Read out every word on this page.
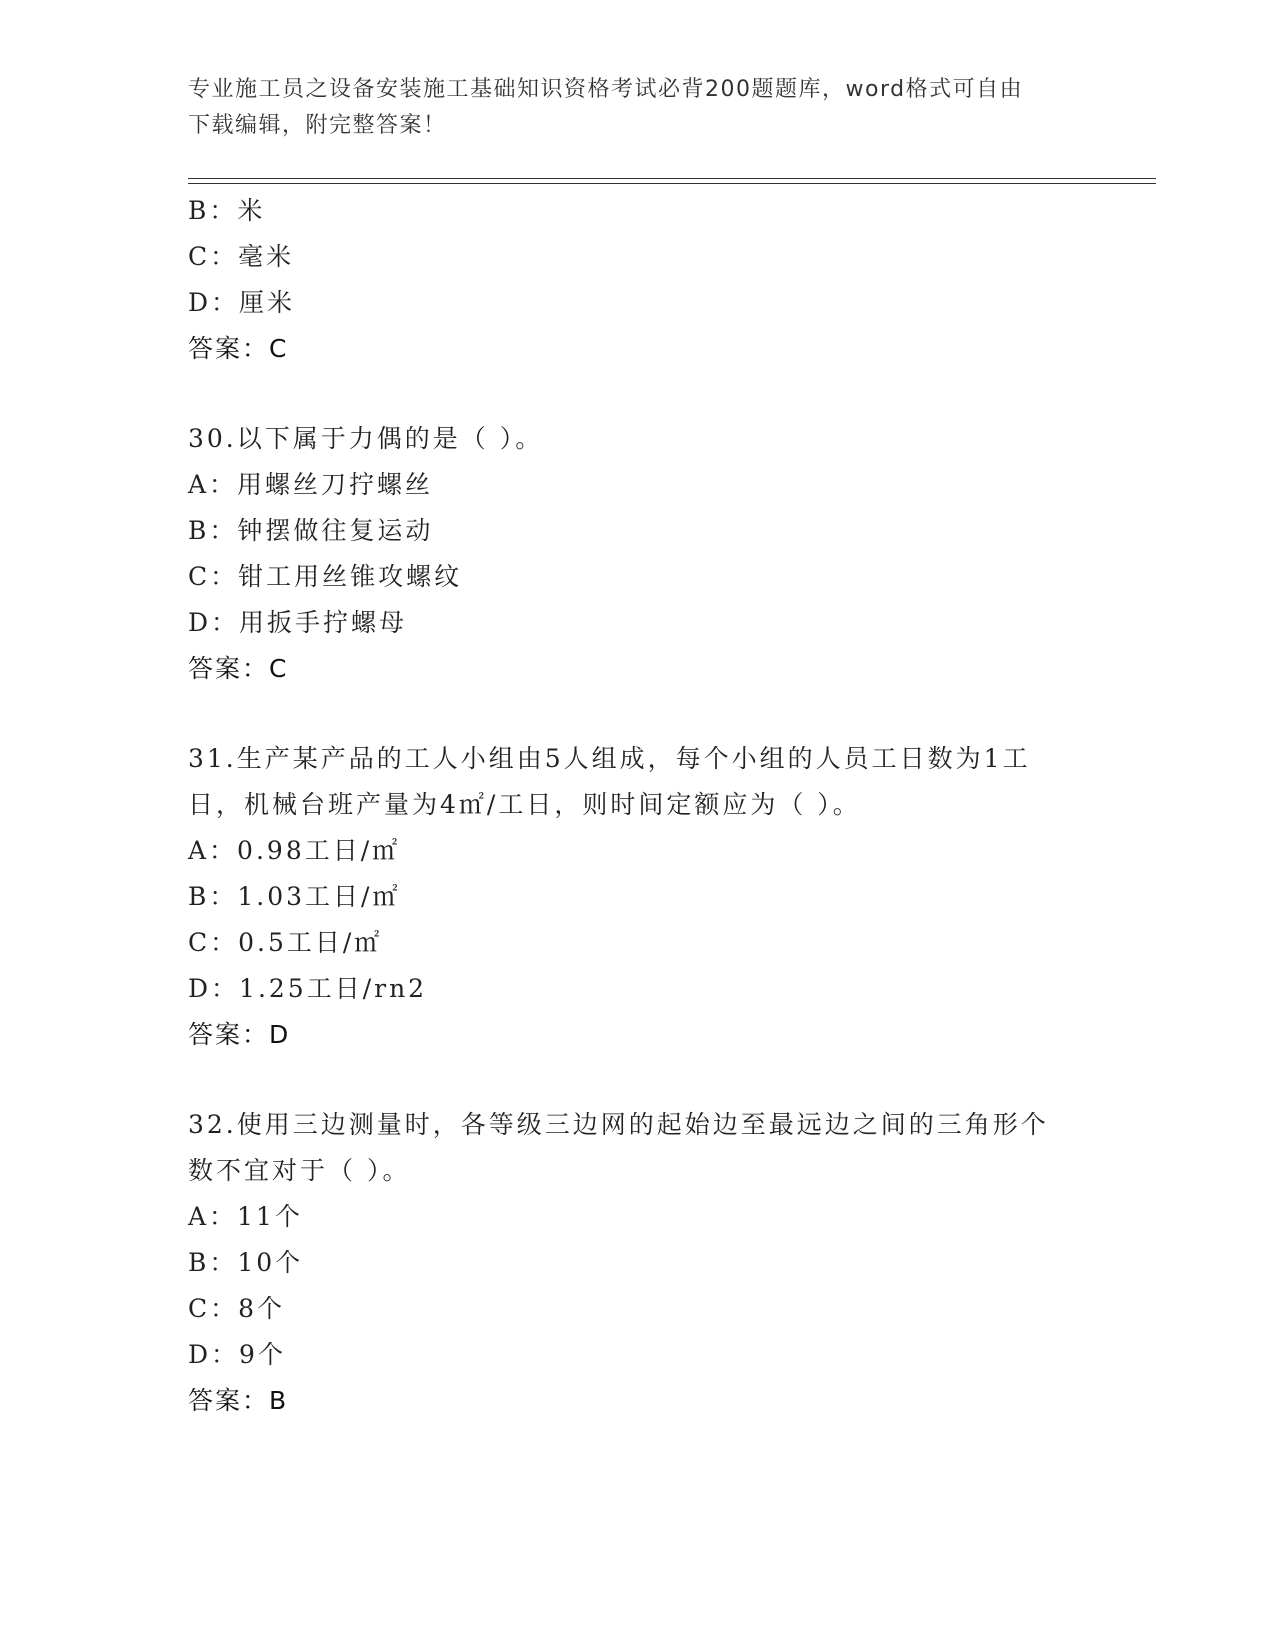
专业施工员之设备安装施工基础知识资格考试必背200题题库，word格式可自由
下载编辑，附完整答案！
B：米
C：毫米
D：厘米
答案：C
30.以下属于力偶的是（ ）。
A：用螺丝刀拧螺丝
B：钟摆做往复运动
C：钳工用丝锥攻螺纹
D：用扳手拧螺母
答案：C
31.生产某产品的工人小组由5人组成，每个小组的人员工日数为1工
日，机械台班产量为4㎡/工日，则时间定额应为（ ）。
A：0.98工日/㎡
B：1.03工日/㎡
C：0.5工日/㎡
D：1.25工日/rn2
答案：D
32.使用三边测量时，各等级三边网的起始边至最远边之间的三角形个
数不宜对于（ ）。
A：11个
B：10个
C：8个
D：9个
答案：B
